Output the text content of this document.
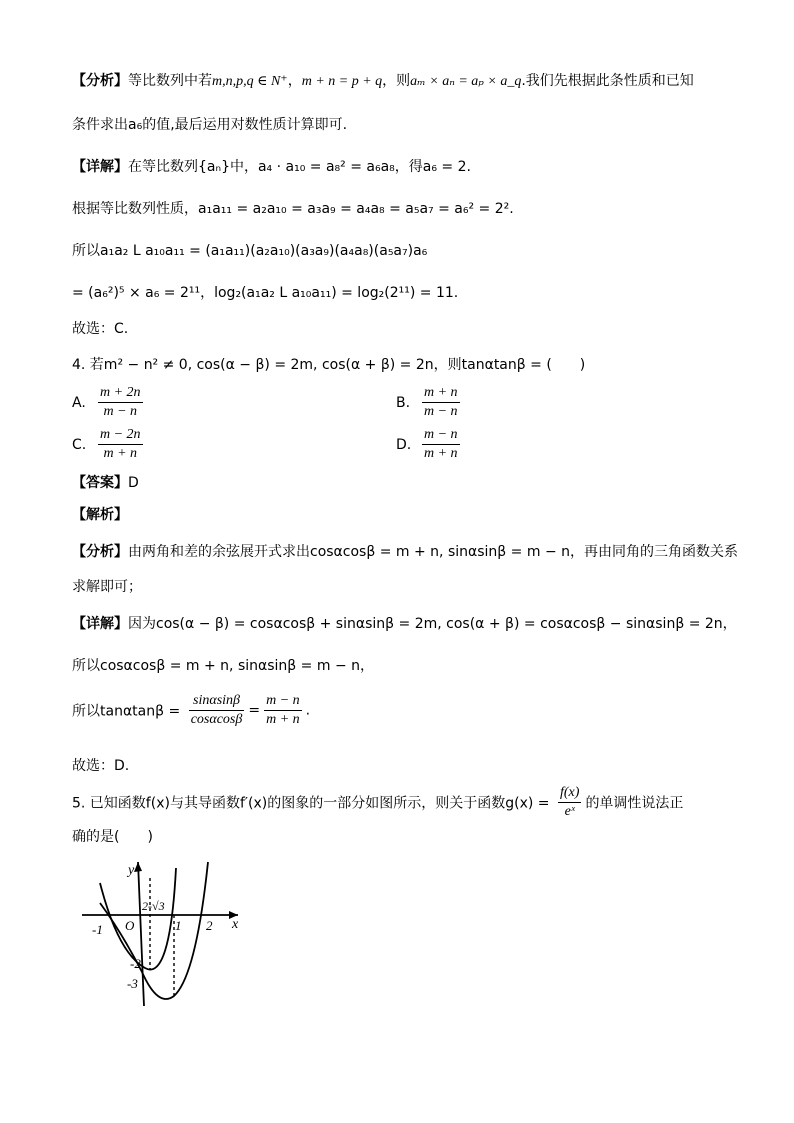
【分析】等比数列中若m,n,p,q ∈ N⁺，m + n = p + q，则aₘ × aₙ = aₚ × a_q.我们先根据此条性质和已知
条件求出a₆的值,最后运用对数性质计算即可.
【详解】在等比数列{aₙ}中，a₄ · a₁₀ = a₈² = a₆a₈，得a₆ = 2.
根据等比数列性质，a₁a₁₁ = a₂a₁₀ = a₃a₉ = a₄a₈ = a₅a₇ = a₆² = 2².
所以a₁a₂ L a₁₀a₁₁ = (a₁a₁₁)(a₂a₁₀)(a₃a₉)(a₄a₈)(a₅a₇)a₆
= (a₆²)⁵ × a₆ = 2¹¹，log₂(a₁a₂ L a₁₀a₁₁) = log₂(2¹¹) = 11.
故选：C.
4. 若m² − n² ≠ 0, cos(α − β) = 2m, cos(α + β) = 2n，则tanαtanβ = (　　)
A. $\frac{m + 2n}{m - n}$	B. $\frac{m + n}{m - n}$
C. $\frac{m - 2n}{m + n}$	D. $\frac{m - n}{m + n}$
【答案】D
【解析】
【分析】由两角和差的余弦展开式求出cosαcosβ = m + n, sinαsinβ = m − n，再由同角的三角函数关系
求解即可；
【详解】因为cos(α − β) = cosαcosβ + sinαsinβ = 2m, cos(α + β) = cosαcosβ − sinαsinβ = 2n，
所以cosαcosβ = m + n, sinαsinβ = m − n，
所以$\tan\alpha\tan\beta = \frac{\sin\alpha\sin\beta}{\cos\alpha\cos\beta} = \frac{m - n}{m + n}$ .
故选：D.
5. 已知函数f(x)与其导函数f′(x)的图象的一部分如图所示，则关于函数$g(x) = \frac{f(x)}{\text{eˣ}}$ 的单调性说法正
确的是(　　)
y
x
2-√3
O
-1	1 2
-2
-3
